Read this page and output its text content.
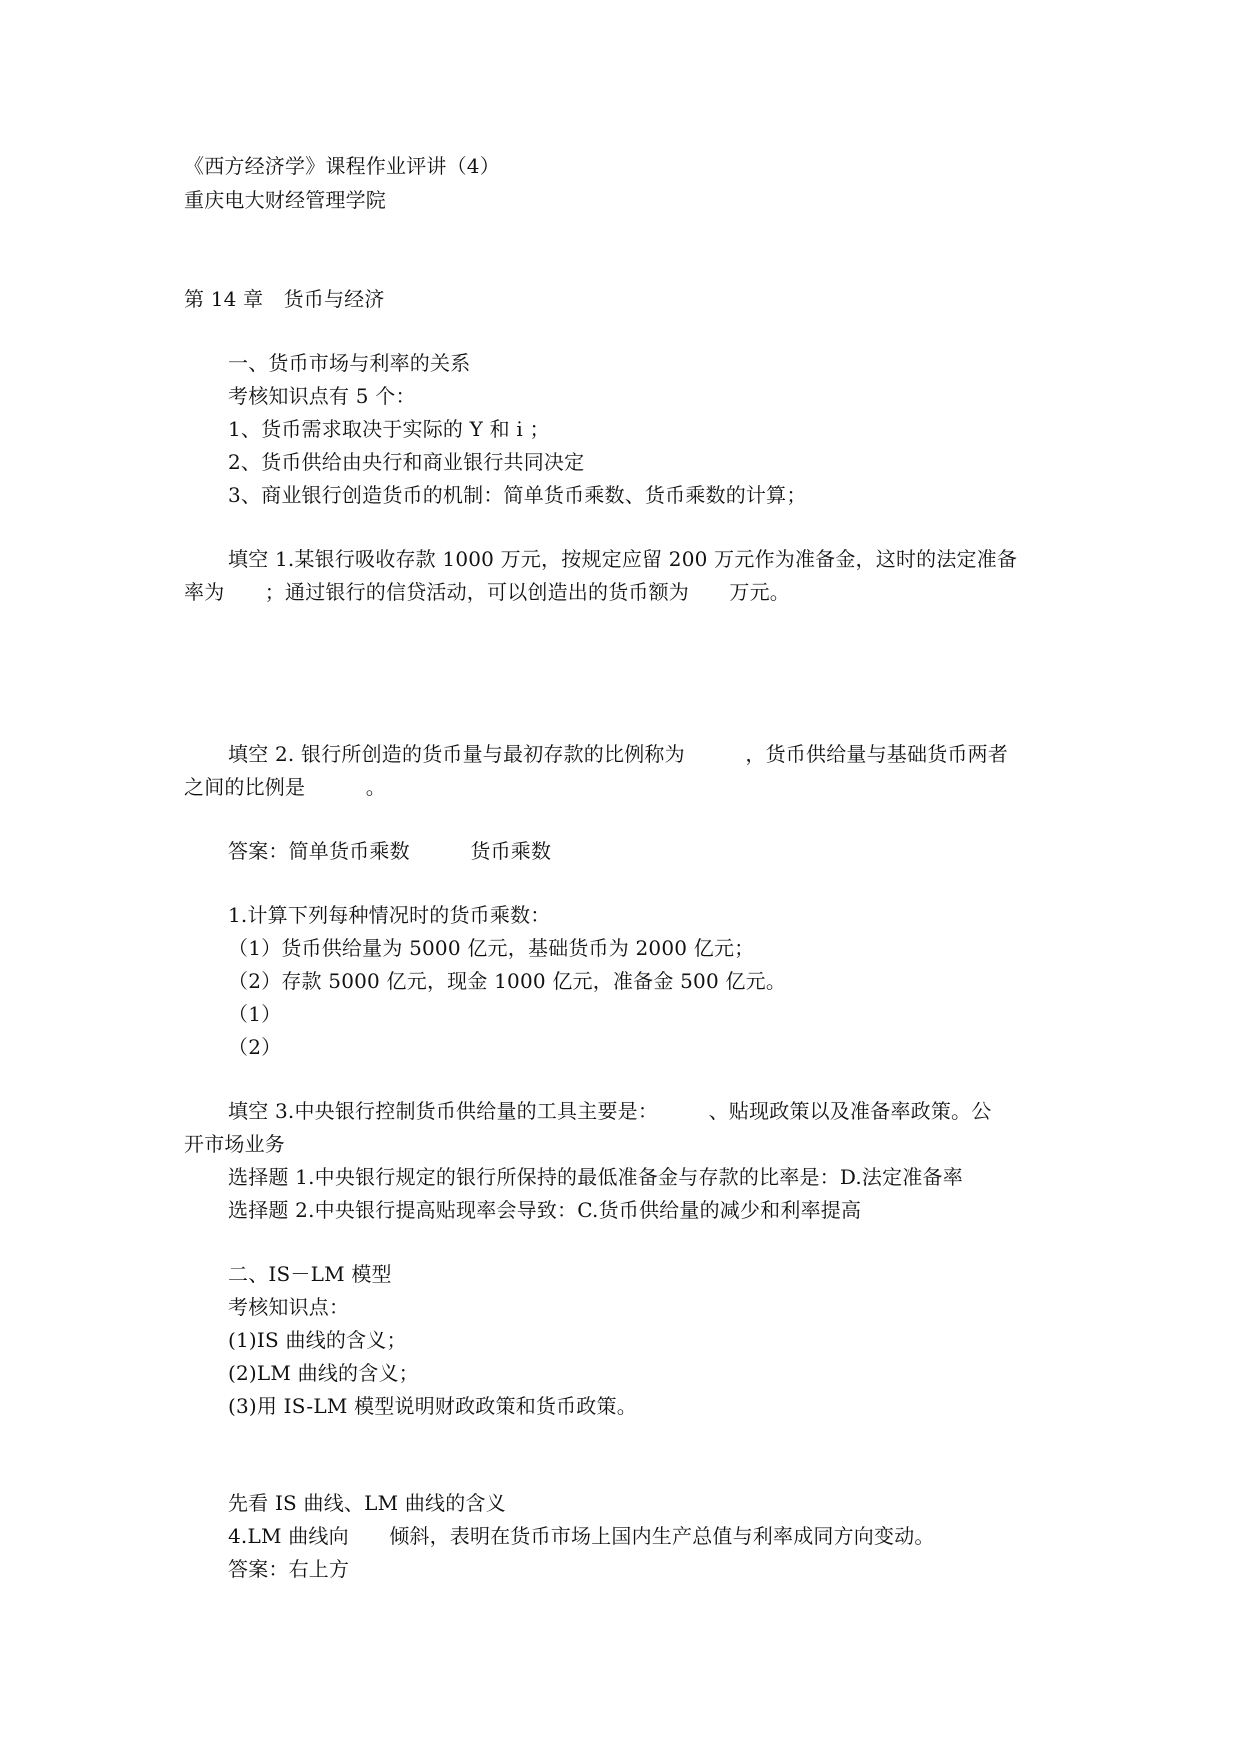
《西方经济学》课程作业评讲（4）
重庆电大财经管理学院
第 14 章　货币与经济
一、货币市场与利率的关系
考核知识点有 5 个：
1、货币需求取决于实际的 Y 和 i ；
2、货币供给由央行和商业银行共同决定
3、商业银行创造货币的机制：简单货币乘数、货币乘数的计算；
填空 1.某银行吸收存款 1000 万元，按规定应留 200 万元作为准备金，这时的法定准备
率为　　；通过银行的信贷活动，可以创造出的货币额为　　万元。
填空 2. 银行所创造的货币量与最初存款的比例称为　　　，货币供给量与基础货币两者
之间的比例是　　　。
答案：简单货币乘数　　　货币乘数
1.计算下列每种情况时的货币乘数：
（1）货币供给量为 5000 亿元，基础货币为 2000 亿元；
（2）存款 5000 亿元，现金 1000 亿元，准备金 500 亿元。
（1）
（2）
填空 3.中央银行控制货币供给量的工具主要是：　　　、贴现政策以及准备率政策。公
开市场业务
选择题 1.中央银行规定的银行所保持的最低准备金与存款的比率是：D.法定准备率
选择题 2.中央银行提高贴现率会导致：C.货币供给量的减少和利率提高
二、IS－LM 模型
考核知识点：
(1)IS 曲线的含义；
(2)LM 曲线的含义；
(3)用 IS-LM 模型说明财政政策和货币政策。
先看 IS 曲线、LM 曲线的含义
4.LM 曲线向　　倾斜，表明在货币市场上国内生产总值与利率成同方向变动。
答案：右上方
